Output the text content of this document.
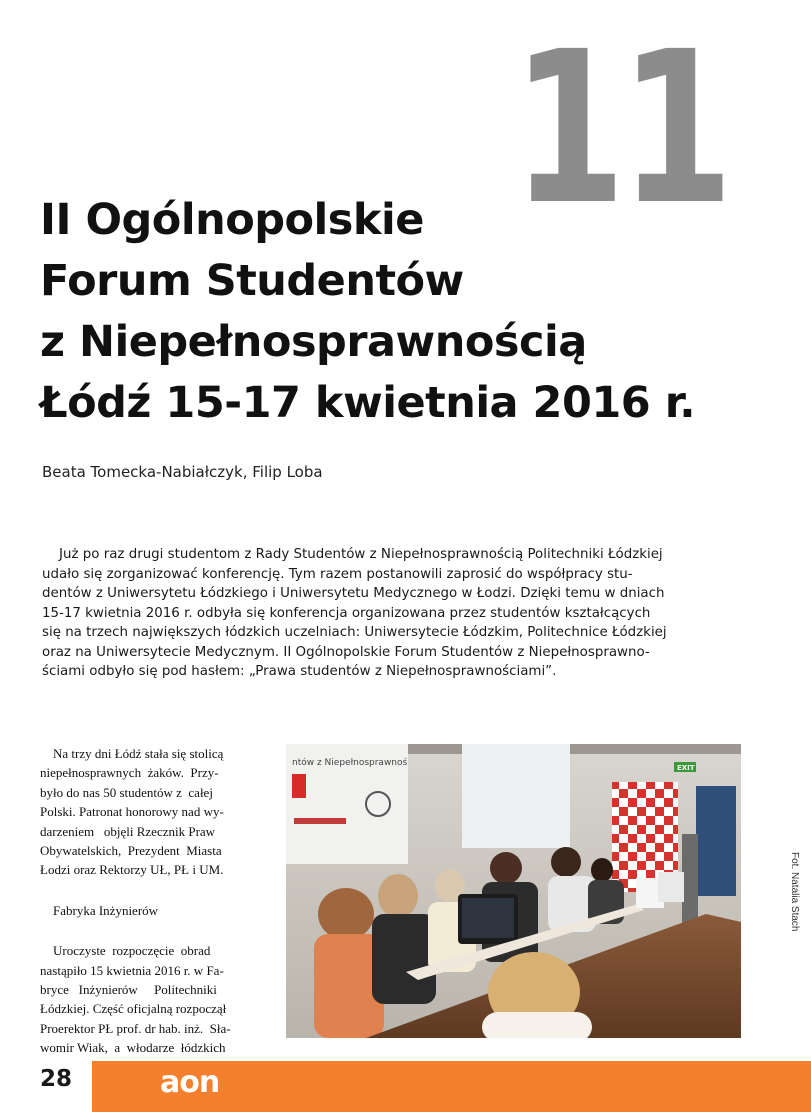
11
II Ogólnopolskie
Forum Studentów
z Niepełnosprawnością
Łódź 15-17 kwietnia 2016 r.
Beata Tomecka-Nabiałczyk, Filip Loba

Już po raz drugi studentom z Rady Studentów z Niepełnosprawnością Politechniki Łódzkiej
udało się zorganizować konferencję. Tym razem postanowili zaprosić do współpracy stu-
dentów z Uniwersytetu Łódzkiego i Uniwersytetu Medycznego w Łodzi. Dzięki temu w dniach
15-17 kwietnia 2016 r. odbyła się konferencja organizowana przez studentów kształcących
się na trzech największych łódzkich uczelniach: Uniwersytecie Łódzkim, Politechnice Łódzkiej
oraz na Uniwersytecie Medycznym. II Ogólnopolskie Forum Studentów z Niepełnosprawno-
ściami odbyło się pod hasłem: „Prawa studentów z Niepełnosprawnościami”.

Na trzy dni Łódź stała się stolicą
niepełnosprawnych  żaków.  Przy-
było do nas 50 studentów z  całej
Polski. Patronat honorowy nad wy-
darzeniem   objęli Rzecznik Praw
Obywatelskich,  Prezydent  Miasta
Łodzi oraz Rektorzy UŁ, PŁ i UM.
Fabryka Inżynierów
Uroczyste  rozpoczęcie  obrad
nastąpiło 15 kwietnia 2016 r. w Fa-
bryce   Inżynierów     Politechniki
Łódzkiej. Część oficjalną rozpoczął
Proerektor PŁ prof. dr hab. inż.  Sła-
womir Wiak,  a  włodarze  łódzkich
EXIT
ntów z Niepełnosprawnoś
Fot. Natalia Stach
28	aon
